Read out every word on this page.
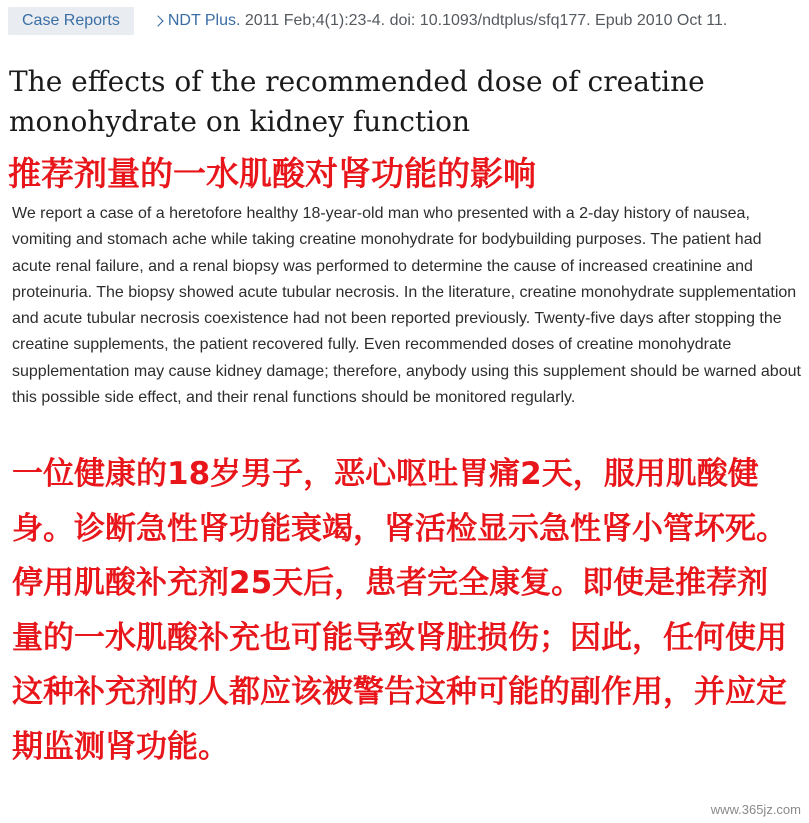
Case Reports	NDT Plus. 2011 Feb;4(1):23-4. doi: 10.1093/ndtplus/sfq177. Epub 2010 Oct 11.
The effects of the recommended dose of creatine monohydrate on kidney function
推荐剂量的一水肌酸对肾功能的影响

We report a case of a heretofore healthy 18-year-old man who presented with a 2-day history of nausea, vomiting and stomach ache while taking creatine monohydrate for bodybuilding purposes. The patient had acute renal failure, and a renal biopsy was performed to determine the cause of increased creatinine and proteinuria. The biopsy showed acute tubular necrosis. In the literature, creatine monohydrate supplementation and acute tubular necrosis coexistence had not been reported previously. Twenty-five days after stopping the creatine supplements, the patient recovered fully. Even recommended doses of creatine monohydrate supplementation may cause kidney damage; therefore, anybody using this supplement should be warned about this possible side effect, and their renal functions should be monitored regularly.

一位健康的18岁男子，恶心呕吐胃痛2天，服用肌酸健身。诊断急性肾功能衰竭，肾活检显示急性肾小管坏死。停用肌酸补充剂25天后，患者完全康复。即使是推荐剂量的一水肌酸补充也可能导致肾脏损伤；因此，任何使用这种补充剂的人都应该被警告这种可能的副作用，并应定期监测肾功能。

www.365jz.com
